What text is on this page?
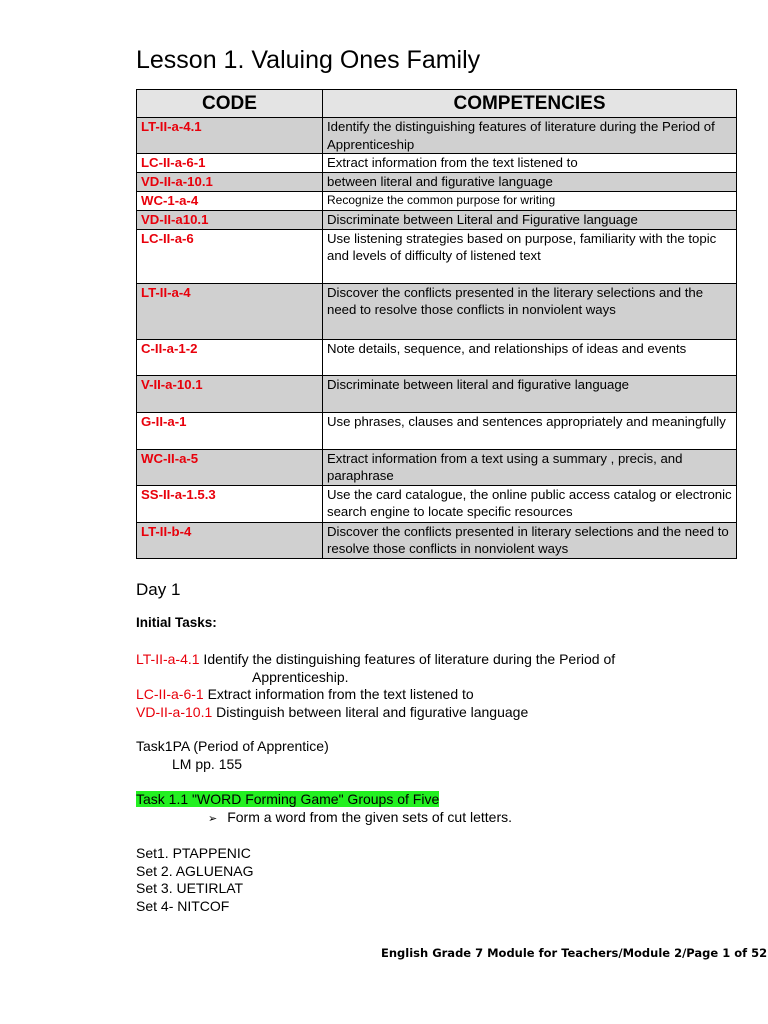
Lesson 1. Valuing Ones Family
CODE	COMPETENCIES
LT-II-a-4.1	Identify the distinguishing features of literature during the Period of Apprenticeship
LC-II-a-6-1	Extract information from the text listened to
VD-II-a-10.1	between literal and figurative language
WC-1-a-4	Recognize the common purpose for writing
VD-II-a10.1	Discriminate between Literal and Figurative language
LC-II-a-6	Use listening strategies based on purpose, familiarity with the topic and levels of difficulty of listened text
LT-II-a-4	Discover the conflicts presented in the literary selections and the need to resolve those conflicts in nonviolent ways
C-II-a-1-2	Note details, sequence, and relationships of ideas and events
V-II-a-10.1	Discriminate between literal and figurative language
G-II-a-1	Use phrases, clauses and sentences appropriately and meaningfully
WC-II-a-5	Extract information from a text using a summary , precis, and paraphrase
SS-II-a-1.5.3	Use the card catalogue, the online public access catalog or electronic search engine to locate specific resources
LT-II-b-4	Discover the conflicts presented in literary selections and the need to resolve those conflicts in nonviolent ways
Day 1
Initial Tasks:
LT-II-a-4.1 Identify the distinguishing features of literature during the Period of
Apprenticeship.
LC-II-a-6-1 Extract information from the text listened to
VD-II-a-10.1 Distinguish between literal and figurative language
Task1PA (Period of Apprentice)
LM pp. 155
Task 1.1 "WORD Forming Game" Groups of Five
➢ Form a word from the given sets of cut letters.
Set1. PTAPPENIC
Set 2. AGLUENAG
Set 3. UETIRLAT
Set 4- NITCOF
English Grade 7 Module for Teachers/Module 2/Page 1 of 52
